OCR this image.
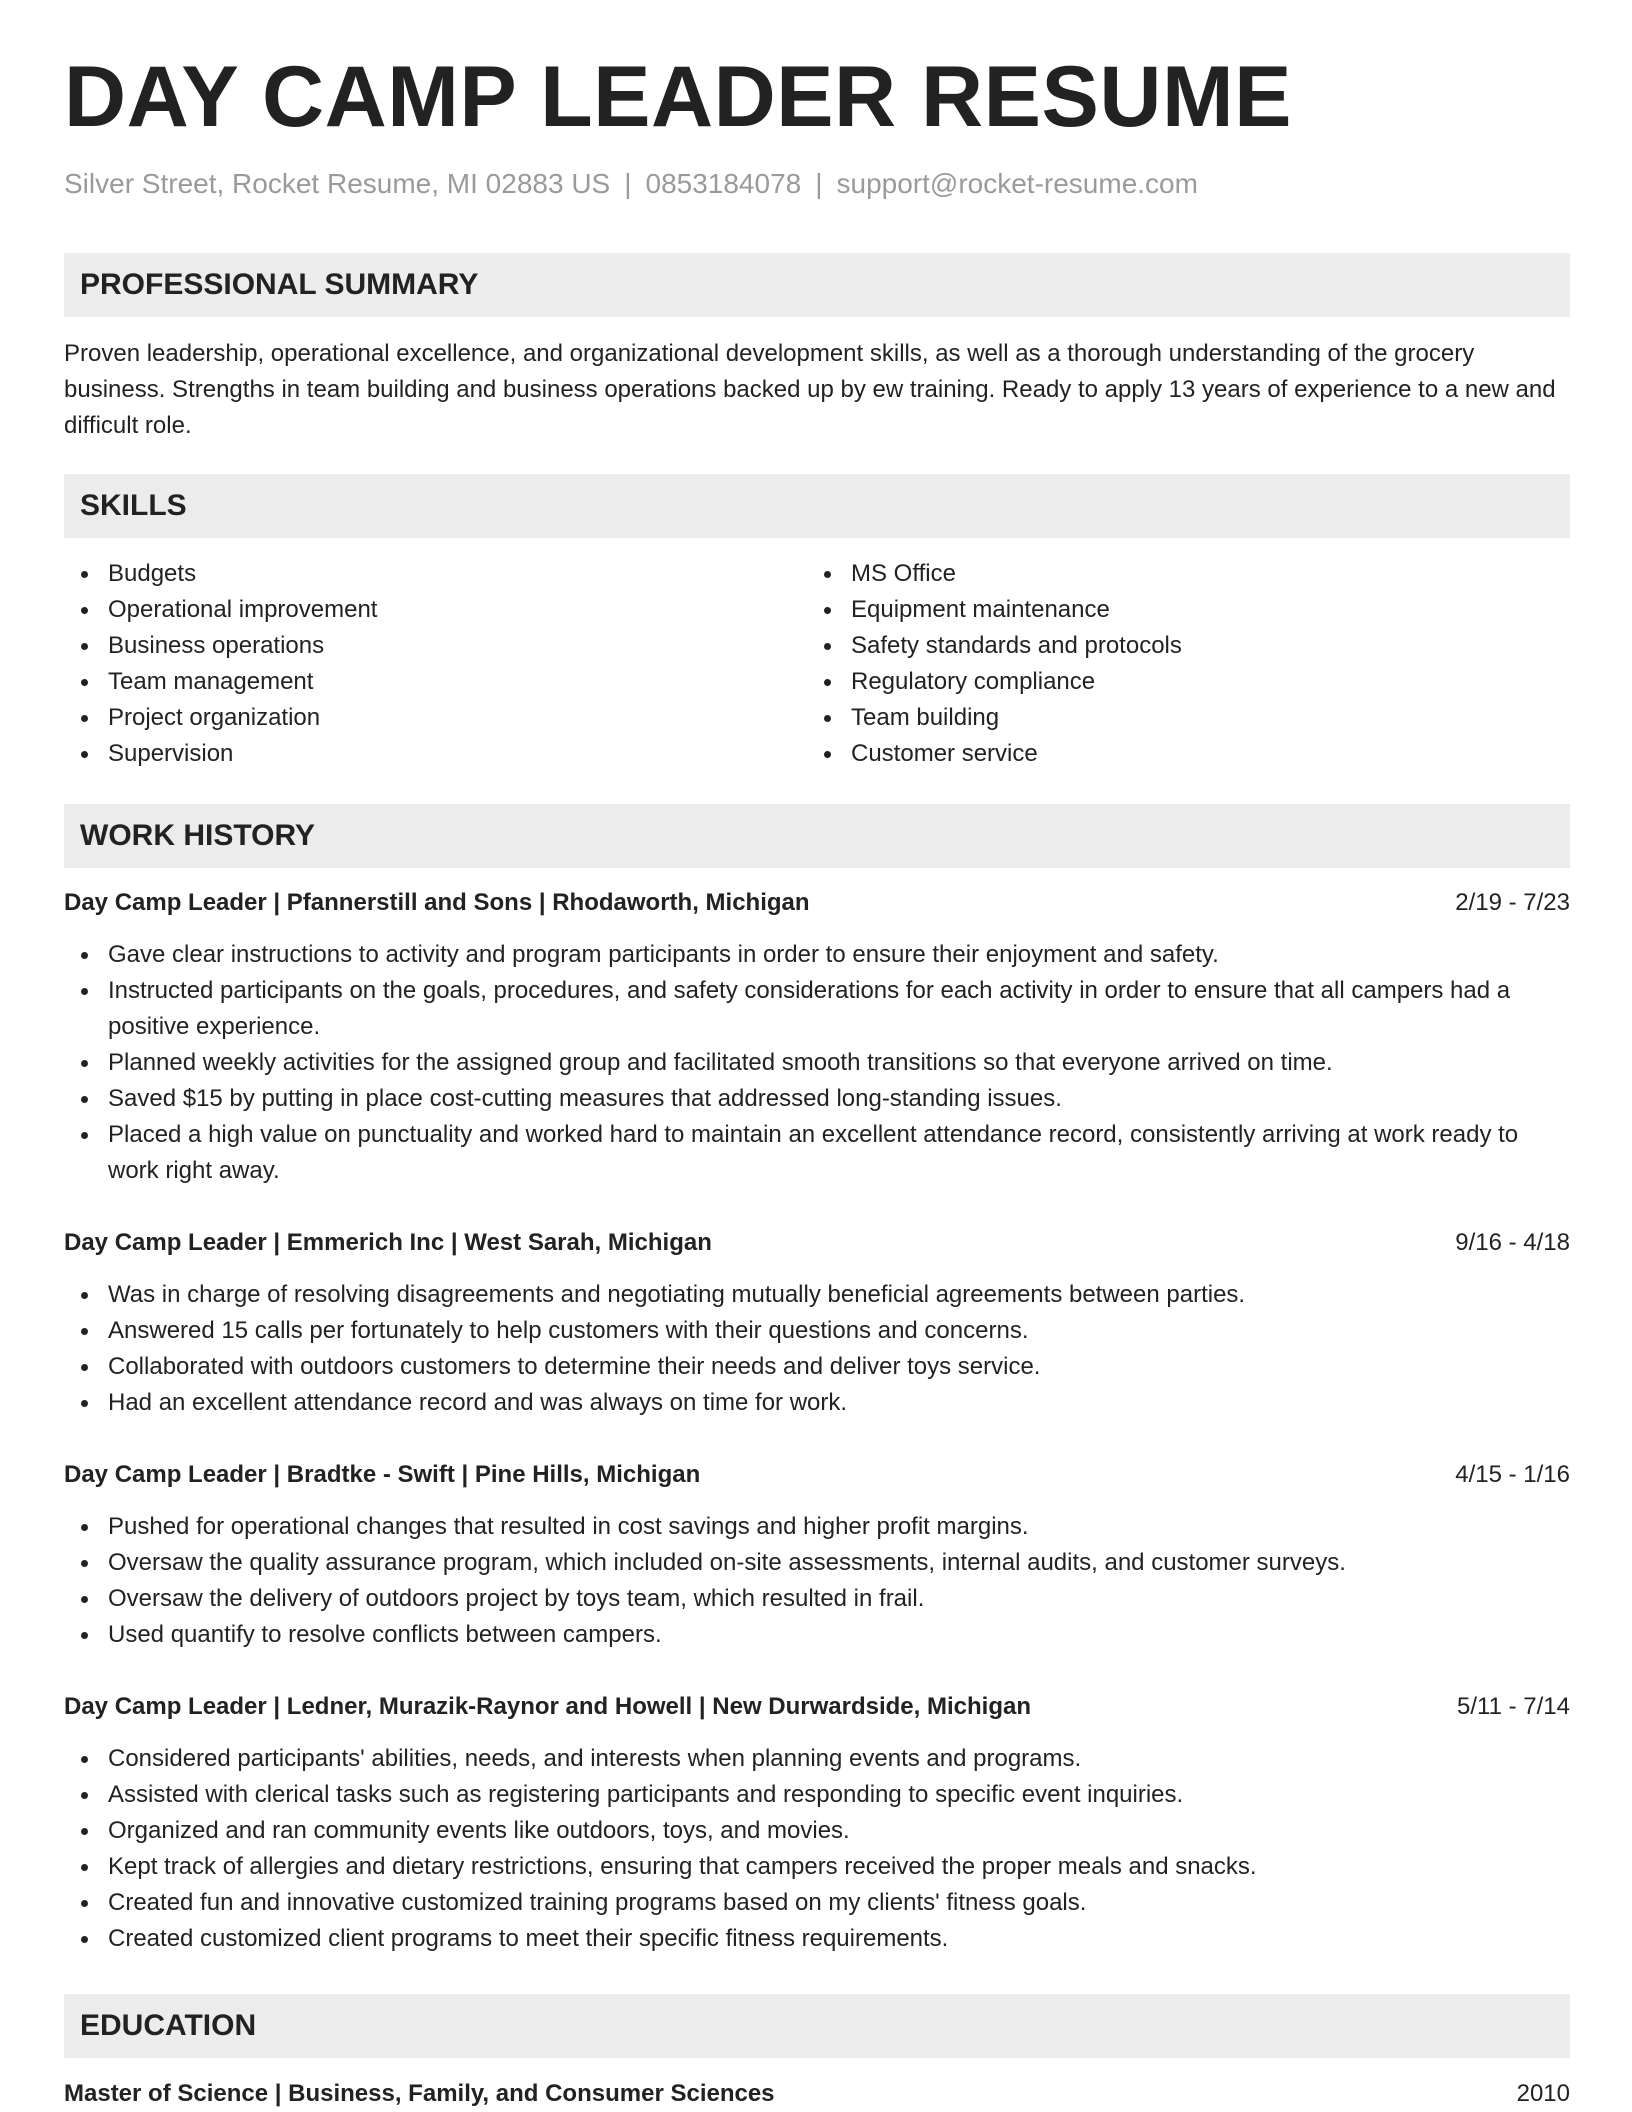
DAY CAMP LEADER RESUME
Silver Street, Rocket Resume, MI 02883 US | 0853184078 | support@rocket-resume.com
PROFESSIONAL SUMMARY

Proven leadership, operational excellence, and organizational development skills, as well as a thorough understanding of the grocery business. Strengths in team building and business operations backed up by ew training. Ready to apply 13 years of experience to a new and difficult role.

SKILLS
Budgets
Operational improvement
Business operations
Team management
Project organization
Supervision
MS Office
Equipment maintenance
Safety standards and protocols
Regulatory compliance
Team building
Customer service
WORK HISTORY
Day Camp Leader | Pfannerstill and Sons | Rhodaworth, Michigan	2/19 - 7/23
Gave clear instructions to activity and program participants in order to ensure their enjoyment and safety.
Instructed participants on the goals, procedures, and safety considerations for each activity in order to ensure that all campers had a positive experience.
Planned weekly activities for the assigned group and facilitated smooth transitions so that everyone arrived on time.
Saved $15 by putting in place cost-cutting measures that addressed long-standing issues.
Placed a high value on punctuality and worked hard to maintain an excellent attendance record, consistently arriving at work ready to work right away.
Day Camp Leader | Emmerich Inc | West Sarah, Michigan	9/16 - 4/18
Was in charge of resolving disagreements and negotiating mutually beneficial agreements between parties.
Answered 15 calls per fortunately to help customers with their questions and concerns.
Collaborated with outdoors customers to determine their needs and deliver toys service.
Had an excellent attendance record and was always on time for work.
Day Camp Leader | Bradtke - Swift | Pine Hills, Michigan	4/15 - 1/16
Pushed for operational changes that resulted in cost savings and higher profit margins.
Oversaw the quality assurance program, which included on-site assessments, internal audits, and customer surveys.
Oversaw the delivery of outdoors project by toys team, which resulted in frail.
Used quantify to resolve conflicts between campers.
Day Camp Leader | Ledner, Murazik-Raynor and Howell | New Durwardside, Michigan	5/11 - 7/14
Considered participants' abilities, needs, and interests when planning events and programs.
Assisted with clerical tasks such as registering participants and responding to specific event inquiries.
Organized and ran community events like outdoors, toys, and movies.
Kept track of allergies and dietary restrictions, ensuring that campers received the proper meals and snacks.
Created fun and innovative customized training programs based on my clients' fitness goals.
Created customized client programs to meet their specific fitness requirements.
EDUCATION
Master of Science | Business, Family, and Consumer Sciences	2010
